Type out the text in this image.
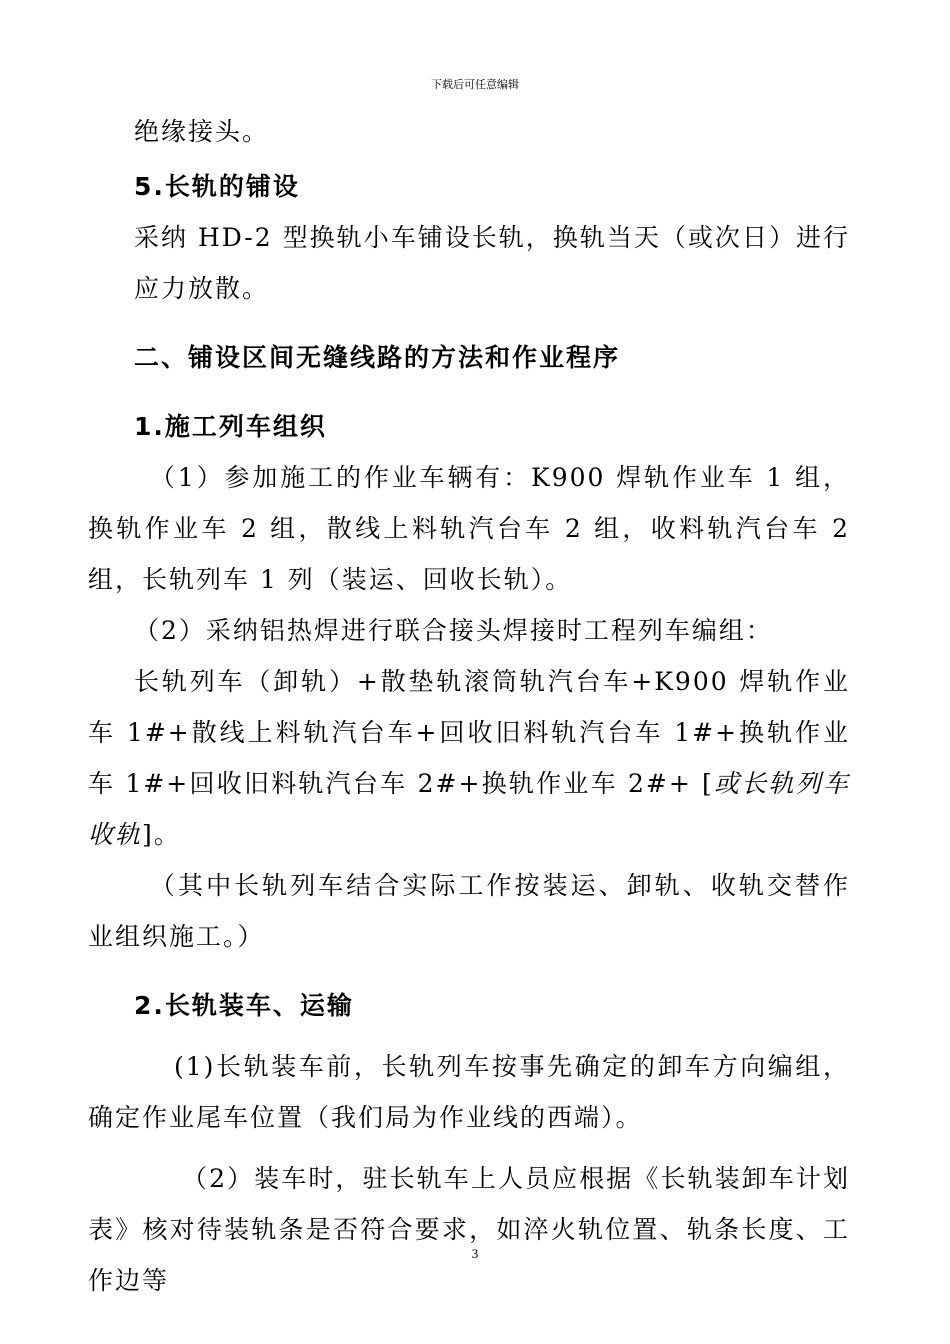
下载后可任意编辑

绝缘接头。

5.长轨的铺设

采纳 HD-2 型换轨小车铺设长轨，换轨当天（或次日）进行应力放散。

二、铺设区间无缝线路的方法和作业程序

1.施工列车组织

（1）参加施工的作业车辆有：K900 焊轨作业车 1 组，换轨作业车 2 组，散线上料轨汽台车 2 组，收料轨汽台车 2 组，长轨列车 1 列（装运、回收长轨）。

（2）采纳铝热焊进行联合接头焊接时工程列车编组：

长轨列车（卸轨）+散垫轨滚筒轨汽台车+K900 焊轨作业车 1#+散线上料轨汽台车+回收旧料轨汽台车 1#+换轨作业车 1#+回收旧料轨汽台车 2#+换轨作业车 2#+ [或长轨列车收轨]。

（其中长轨列车结合实际工作按装运、卸轨、收轨交替作业组织施工。）

2.长轨装车、运输

(1)长轨装车前，长轨列车按事先确定的卸车方向编组，确定作业尾车位置（我们局为作业线的西端）。

（2）装车时，驻长轨车上人员应根据《长轨装卸车计划表》核对待装轨条是否符合要求，如淬火轨位置、轨条长度、工作边等

3
